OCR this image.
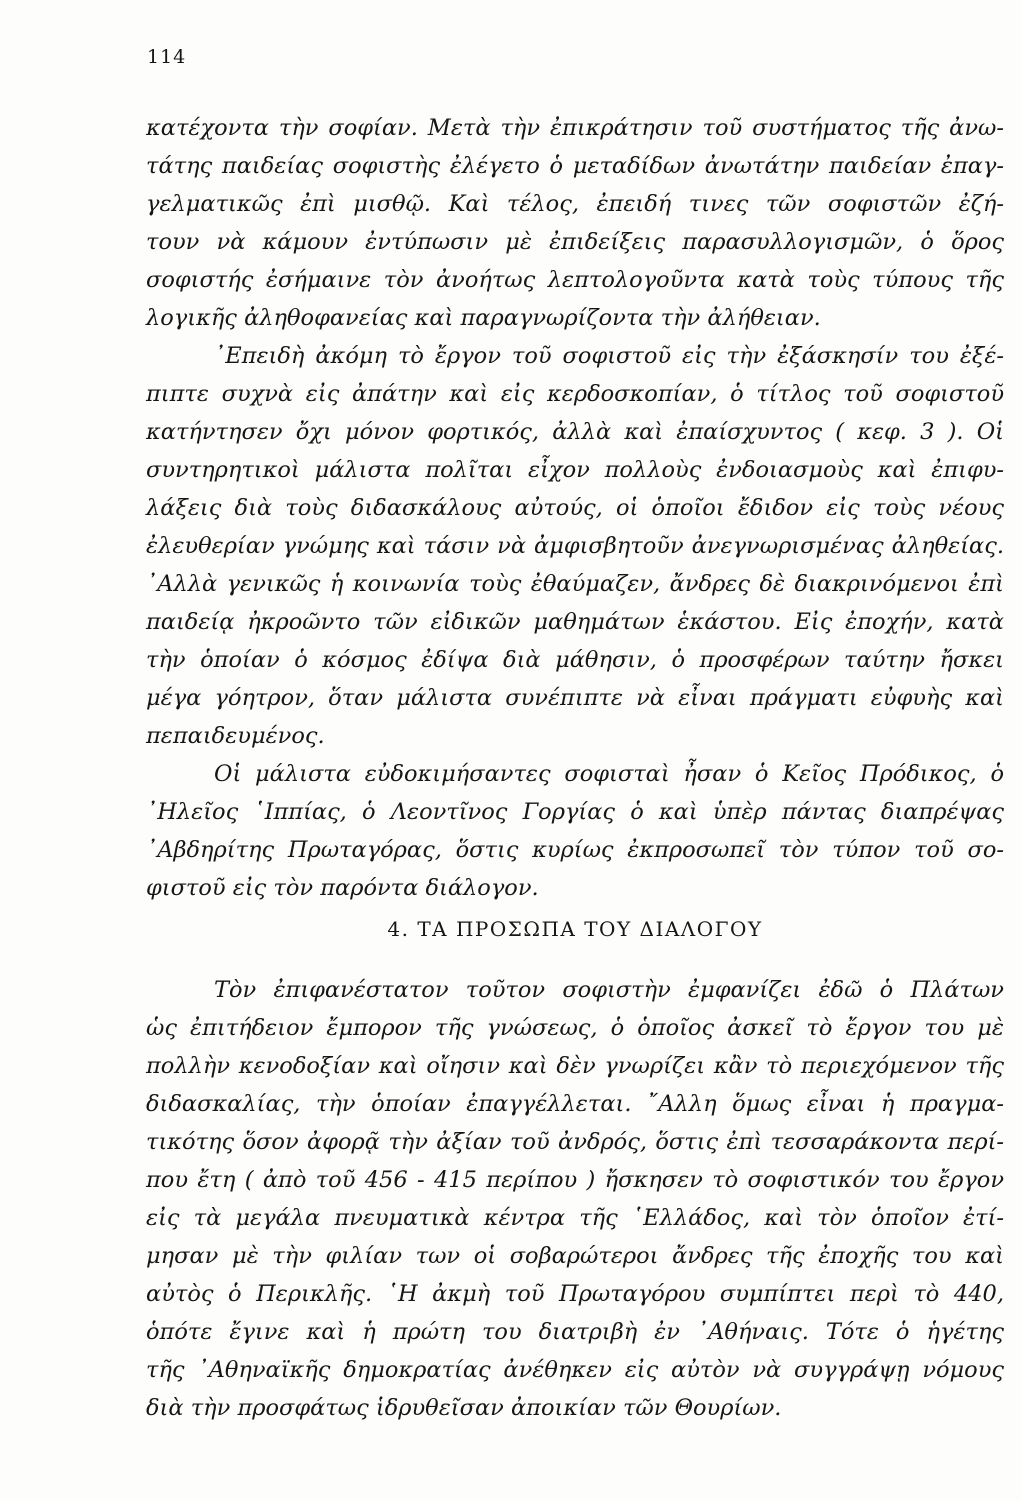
114
κατέχοντα τὴν σοφίαν. Μετὰ τὴν ἐπικράτησιν τοῦ συστήματος τῆς ἀνω-
τάτης παιδείας σοφιστὴς ἐλέγετο ὁ μεταδίδων ἀνωτάτην παιδείαν ἐπαγ-
γελματικῶς ἐπὶ μισθῷ. Καὶ τέλος, ἐπειδή τινες τῶν σοφιστῶν ἐζή-
τουν νὰ κάμουν ἐντύπωσιν μὲ ἐπιδείξεις παρασυλλογισμῶν, ὁ ὅρος
σοφιστής ἐσήμαινε τὸν ἀνοήτως λεπτολογοῦντα κατὰ τοὺς τύπους τῆς
λογικῆς ἀληθοφανείας καὶ παραγνωρίζοντα τὴν ἀλήθειαν.
᾿Επειδὴ ἀκόμη τὸ ἔργον τοῦ σοφιστοῦ εἰς τὴν ἐξάσκησίν του ἐξέ-
πιπτε συχνὰ εἰς ἀπάτην καὶ εἰς κερδοσκοπίαν, ὁ τίτλος τοῦ σοφιστοῦ
κατήντησεν ὄχι μόνον φορτικός, ἀλλὰ καὶ ἐπαίσχυντος ( κεφ. 3 ). Οἱ
συντηρητικοὶ μάλιστα πολῖται εἶχον πολλοὺς ἐνδοιασμοὺς καὶ ἐπιφυ-
λάξεις διὰ τοὺς διδασκάλους αὐτούς, οἱ ὁποῖοι ἔδιδον εἰς τοὺς νέους
ἐλευθερίαν γνώμης καὶ τάσιν νὰ ἀμφισβητοῦν ἀνεγνωρισμένας ἀληθείας.
᾿Αλλὰ γενικῶς ἡ κοινωνία τοὺς ἐθαύμαζεν, ἄνδρες δὲ διακρινόμενοι ἐπὶ
παιδείᾳ ἠκροῶντο τῶν εἰδικῶν μαθημάτων ἑκάστου. Εἰς ἐποχήν, κατὰ
τὴν ὁποίαν ὁ κόσμος ἐδίψα διὰ μάθησιν, ὁ προσφέρων ταύτην ἤσκει
μέγα γόητρον, ὅταν μάλιστα συνέπιπτε νὰ εἶναι πράγματι εὐφυὴς καὶ
πεπαιδευμένος.
Οἱ μάλιστα εὐδοκιμήσαντες σοφισταὶ ἦσαν ὁ Κεῖος Πρόδικος, ὁ
᾿Ηλεῖος ῾Ιππίας, ὁ Λεοντῖνος Γοργίας ὁ καὶ ὑπὲρ πάντας διαπρέψας
᾿Αβδηρίτης Πρωταγόρας, ὅστις κυρίως ἐκπροσωπεῖ τὸν τύπον τοῦ σο-
φιστοῦ εἰς τὸν παρόντα διάλογον.
4. ΤΑ ΠΡΟΣΩΠΑ ΤΟΥ ΔΙΑΛΟΓΟΥ
Τὸν ἐπιφανέστατον τοῦτον σοφιστὴν ἐμφανίζει ἐδῶ ὁ Πλάτων
ὡς ἐπιτήδειον ἔμπορον τῆς γνώσεως, ὁ ὁποῖος ἀσκεῖ τὸ ἔργον του μὲ
πολλὴν κενοδοξίαν καὶ οἴησιν καὶ δὲν γνωρίζει κἂν τὸ περιεχόμενον τῆς
διδασκαλίας, τὴν ὁποίαν ἐπαγγέλλεται. ῎Αλλη ὅμως εἶναι ἡ πραγμα-
τικότης ὅσον ἀφορᾷ τὴν ἀξίαν τοῦ ἀνδρός, ὅστις ἐπὶ τεσσαράκοντα περί-
που ἔτη ( ἀπὸ τοῦ 456 - 415 περίπου ) ἤσκησεν τὸ σοφιστικόν του ἔργον
εἰς τὰ μεγάλα πνευματικὰ κέντρα τῆς ῾Ελλάδος, καὶ τὸν ὁποῖον ἐτί-
μησαν μὲ τὴν φιλίαν των οἱ σοβαρώτεροι ἄνδρες τῆς ἐποχῆς του καὶ
αὐτὸς ὁ Περικλῆς. ῾Η ἀκμὴ τοῦ Πρωταγόρου συμπίπτει περὶ τὸ 440,
ὁπότε ἔγινε καὶ ἡ πρώτη του διατριβὴ ἐν ᾿Αθήναις. Τότε ὁ ἡγέτης
τῆς ᾿Αθηναϊκῆς δημοκρατίας ἀνέθηκεν εἰς αὐτὸν νὰ συγγράψῃ νόμους
διὰ τὴν προσφάτως ἱδρυθεῖσαν ἀποικίαν τῶν Θουρίων.
